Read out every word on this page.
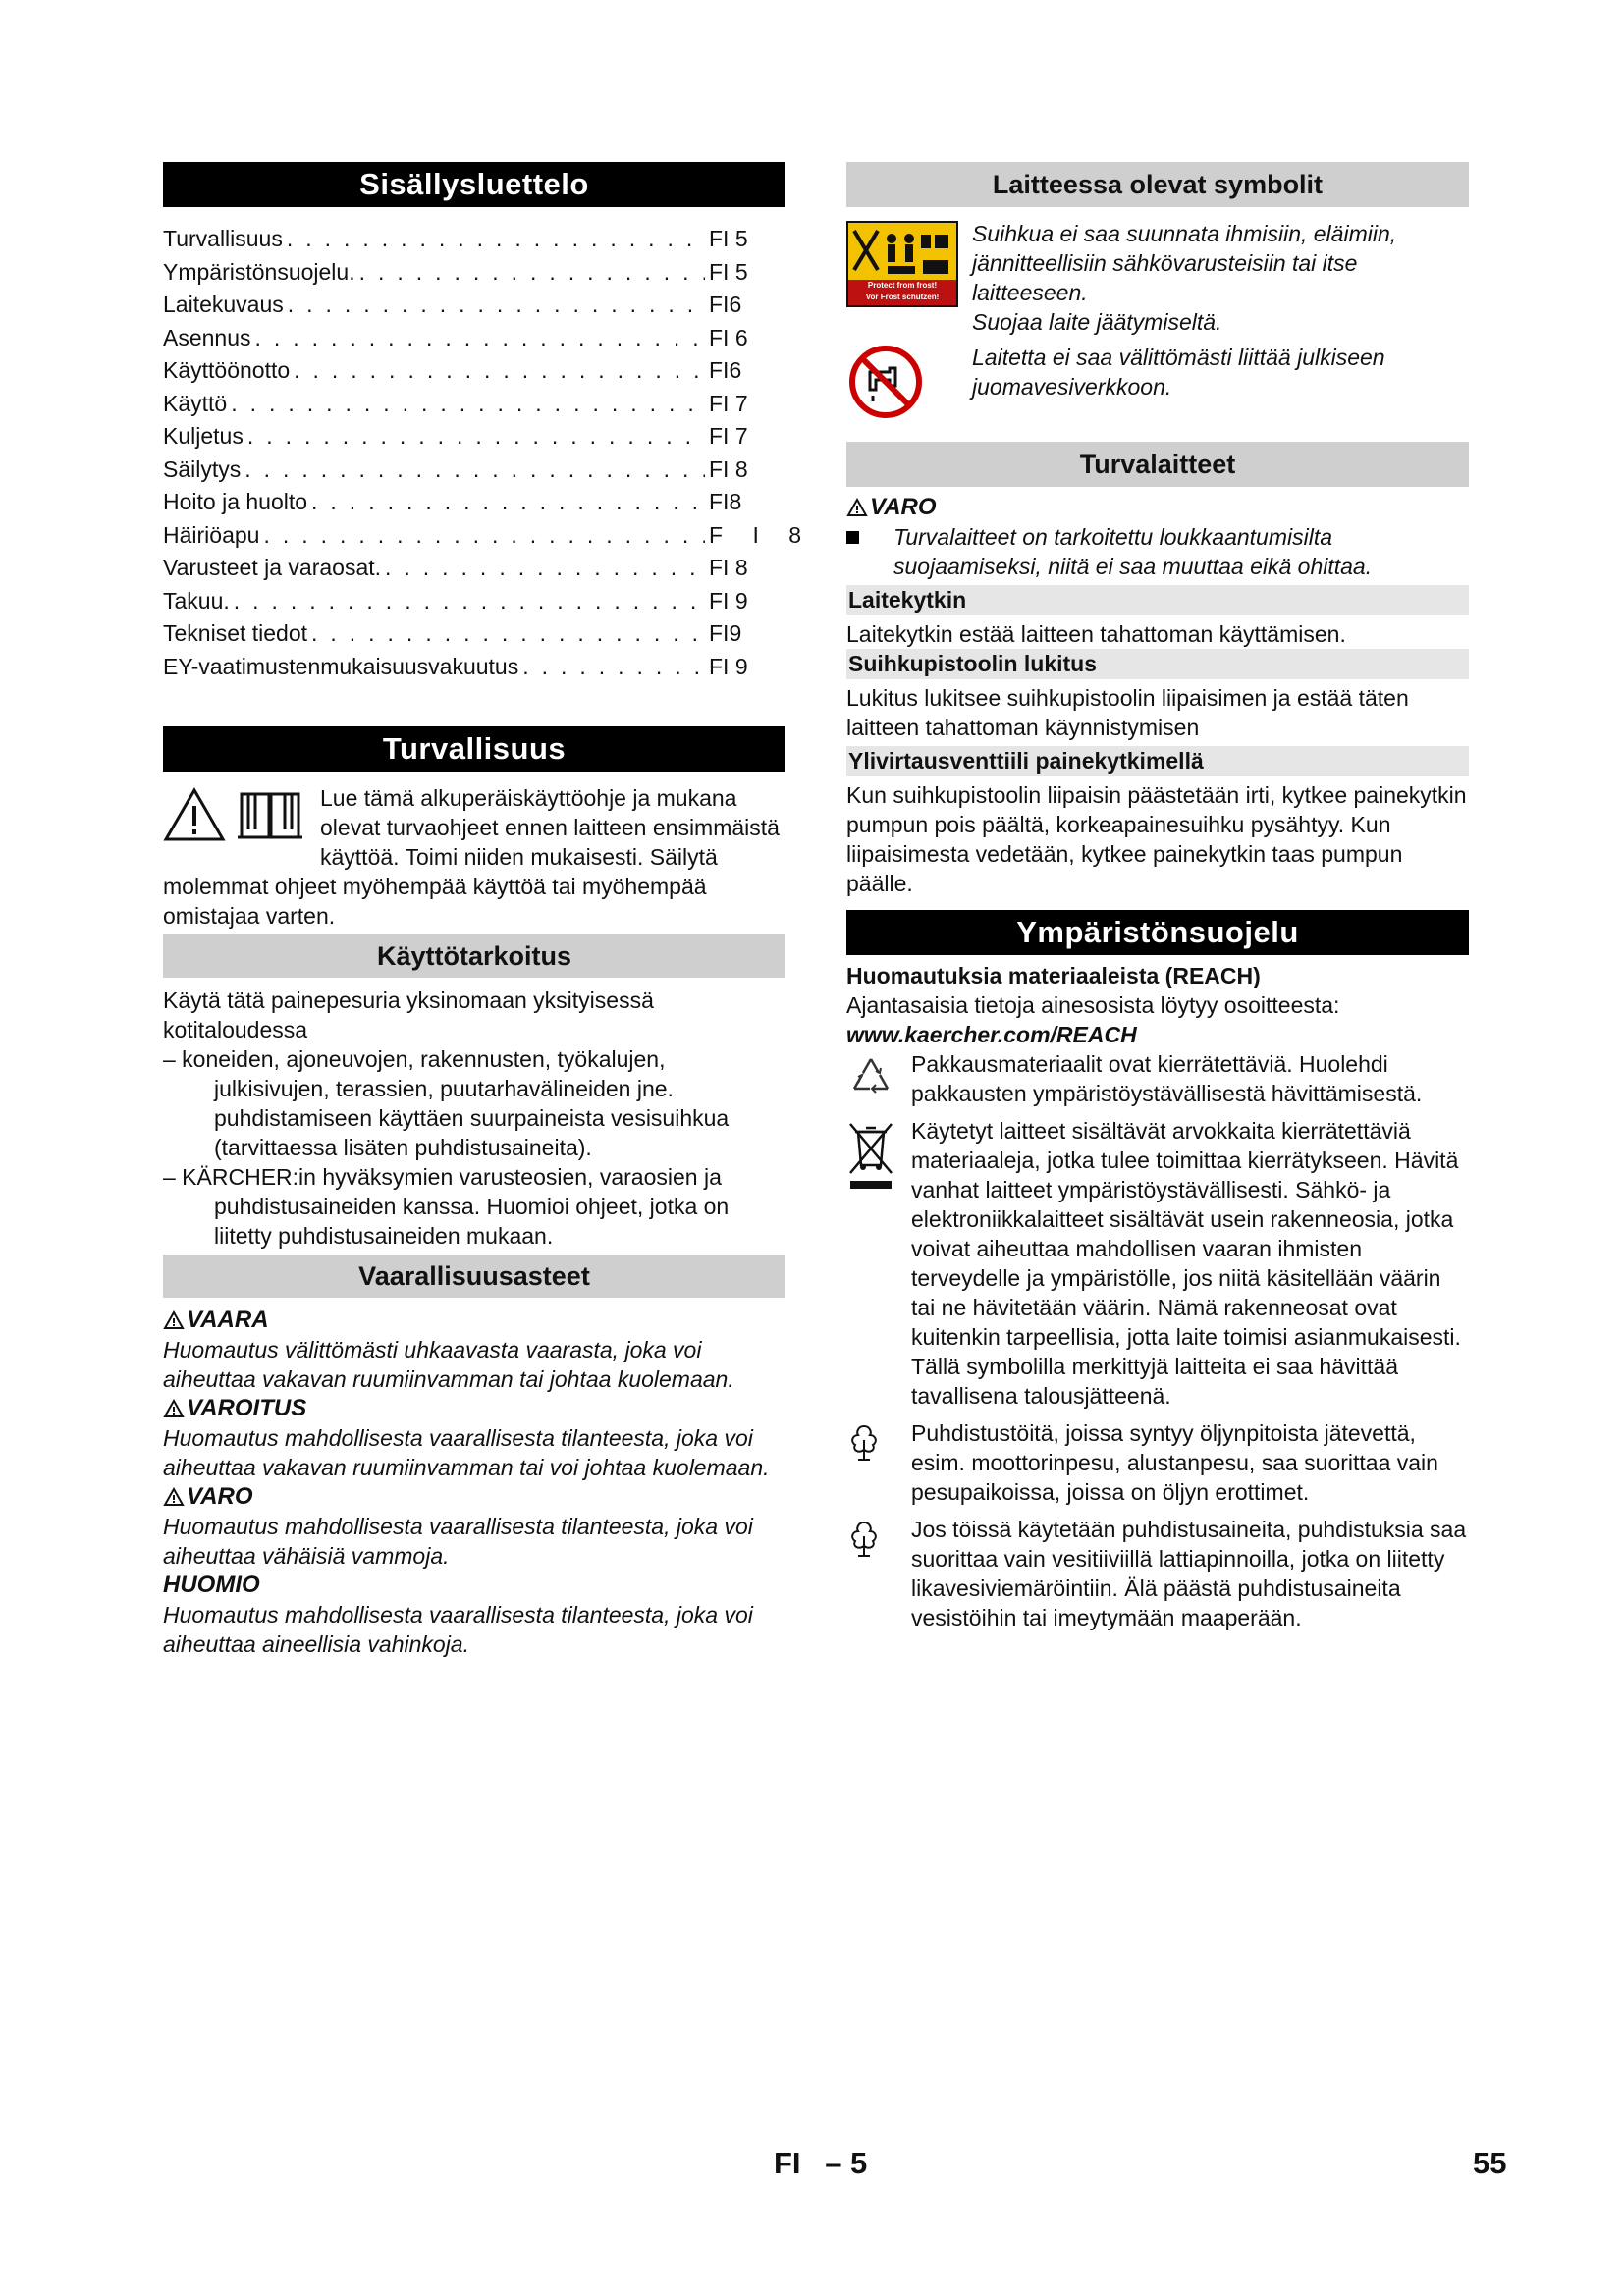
Sisällysluettelo
Turvallisuus . . .	FI 5
Ympäristönsuojelu. . . .	FI 5
Laitekuvaus . . .	FI6
Asennus . . .	FI 6
Käyttöönotto . . .	FI6
Käyttö . . .	FI 7
Kuljetus . . .	FI 7
Säilytys . . .	FI 8
Hoito ja huolto . . .	FI8
Häiriöapu . . .	F I 8
Varusteet ja varaosat. . . .	FI 8
Takuu. . . .	FI 9
Tekniset tiedot . . .	FI9
EY-vaatimustenmukaisuusvakuutus . . .	FI 9
Turvallisuus

Lue tämä alkuperäiskäyttöohje ja mukana olevat turvaohjeet ennen laitteen ensimmäistä käyttöä. Toimi niiden mukaisesti. Säilytä molemmat ohjeet myöhempää käyttöä tai myöhempää omistajaa varten.

Käyttötarkoitus

Käytä tätä painepesuria yksinomaan yksityisessä kotitaloudessa

– koneiden, ajoneuvojen, rakennusten, työkalujen, julkisivujen, terassien, puutarhavälineiden jne. puhdistamiseen käyttäen suurpaineista vesisuihkua (tarvittaessa lisäten puhdistusaineita).

– KÄRCHER:in hyväksymien varusteosien, varaosien ja puhdistusaineiden kanssa. Huomioi ohjeet, jotka on liitetty puhdistusaineiden mukaan.

Vaarallisuusasteet
VAARA

Huomautus välittömästi uhkaavasta vaarasta, joka voi aiheuttaa vakavan ruumiinvamman tai johtaa kuolemaan.

VAROITUS

Huomautus mahdollisesta vaarallisesta tilanteesta, joka voi aiheuttaa vakavan ruumiinvamman tai voi johtaa kuolemaan.

VARO

Huomautus mahdollisesta vaarallisesta tilanteesta, joka voi aiheuttaa vähäisiä vammoja.

HUOMIO

Huomautus mahdollisesta vaarallisesta tilanteesta, joka voi aiheuttaa aineellisia vahinkoja.

Laitteessa olevat symbolit
Protect from frost!
Vor Frost schützen!

Suihkua ei saa suunnata ihmisiin, eläimiin, jännitteellisiin sähkövarusteisiin tai itse laitteeseen.

Suojaa laite jäätymiseltä.

Laitetta ei saa välittömästi liittää julkiseen juomavesiverkkoon.

Turvalaitteet
VARO

Turvalaitteet on tarkoitettu loukkaantumisilta suojaamiseksi, niitä ei saa muuttaa eikä ohittaa.

Laitekytkin

Laitekytkin estää laitteen tahattoman käyttämisen.

Suihkupistoolin lukitus

Lukitus lukitsee suihkupistoolin liipaisimen ja estää täten laitteen tahattoman käynnistymisen

Ylivirtausventtiili painekytkimellä

Kun suihkupistoolin liipaisin päästetään irti, kytkee painekytkin pumpun pois päältä, korkeapainesuihku pysähtyy. Kun liipaisimesta vedetään, kytkee painekytkin taas pumpun päälle.

Ympäristönsuojelu

Huomautuksia materiaaleista (REACH)

Ajantasaisia tietoja ainesosista löytyy osoitteesta:

www.kaercher.com/REACH

Pakkausmateriaalit ovat kierrätettäviä. Huolehdi pakkausten ympäristöystävällisestä hävittämisestä.

Käytetyt laitteet sisältävät arvokkaita kierrätettäviä materiaaleja, jotka tulee toimittaa kierrätykseen. Hävitä vanhat laitteet ympäristöystävällisesti. Sähkö- ja elektroniikkalaitteet sisältävät usein rakenneosia, jotka voivat aiheuttaa mahdollisen vaaran ihmisten terveydelle ja ympäristölle, jos niitä käsitellään väärin tai ne hävitetään väärin. Nämä rakenneosat ovat kuitenkin tarpeellisia, jotta laite toimisi asianmukaisesti. Tällä symbolilla merkittyjä laitteita ei saa hävittää tavallisena talousjätteenä.

Puhdistustöitä, joissa syntyy öljynpitoista jätevettä, esim. moottorinpesu, alustanpesu, saa suorittaa vain pesupaikoissa, joissa on öljyn erottimet.

Jos töissä käytetään puhdistusaineita, puhdistuksia saa suorittaa vain vesitiiviillä lattiapinnoilla, jotka on liitetty likavesiviemäröintiin. Älä päästä puhdistusaineita vesistöihin tai imeytymään maaperään.

FI – 5	55
